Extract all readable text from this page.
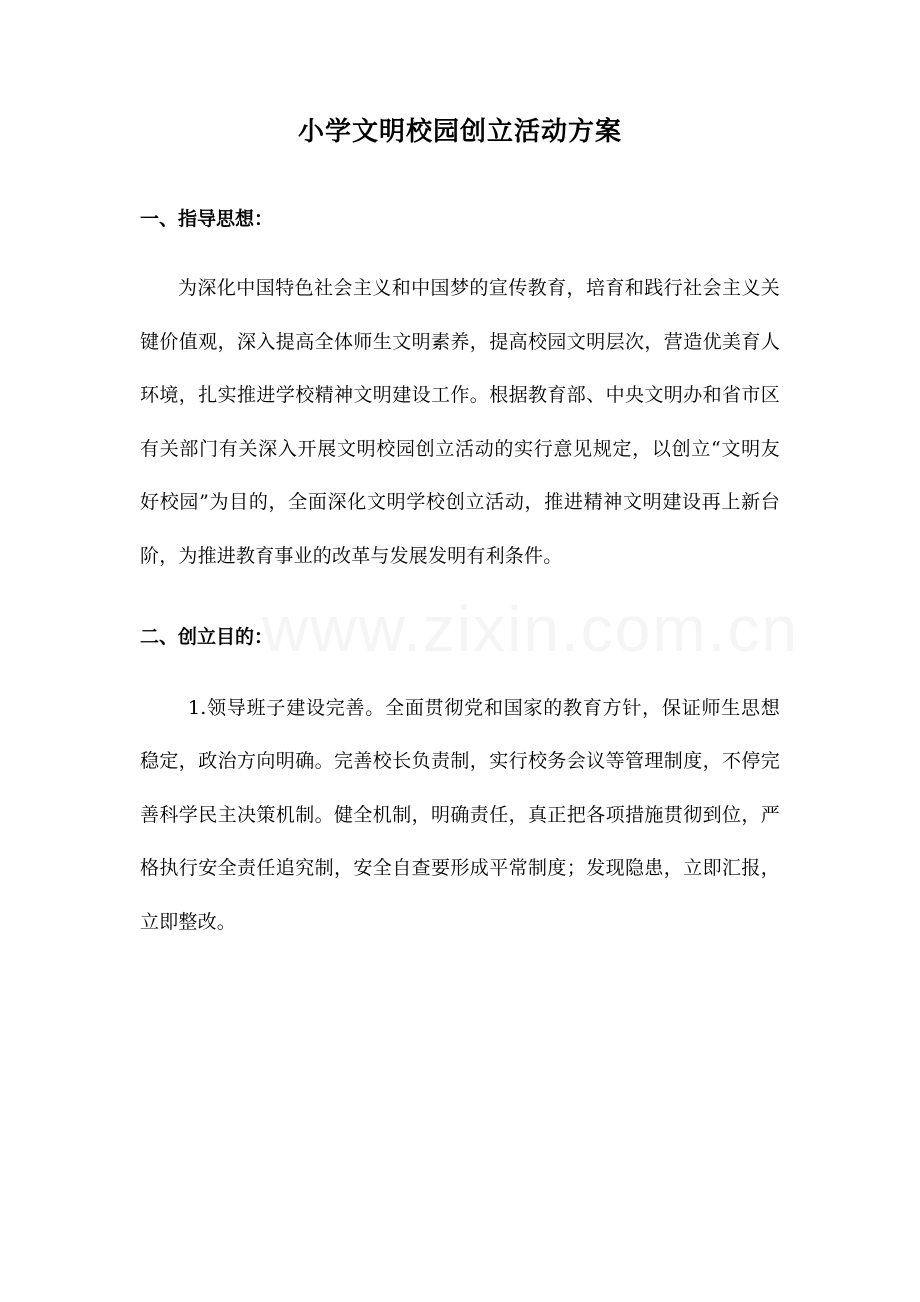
小学文明校园创立活动方案
一、指导思想：

为深化中国特色社会主义和中国梦的宣传教育，培育和践行社会主义关键价值观，深入提高全体师生文明素养，提高校园文明层次，营造优美育人环境，扎实推进学校精神文明建设工作。根据教育部、中央文明办和省市区有关部门有关深入开展文明校园创立活动的实行意见规定，以创立“文明友好校园”为目的，全面深化文明学校创立活动，推进精神文明建设再上新台阶，为推进教育事业的改革与发展发明有利条件。

二、创立目的：

1.领导班子建设完善。全面贯彻党和国家的教育方针，保证师生思想稳定，政治方向明确。完善校长负责制，实行校务会议等管理制度，不停完善科学民主决策机制。健全机制，明确责任，真正把各项措施贯彻到位，严格执行安全责任追究制，安全自查要形成平常制度；发现隐患，立即汇报，立即整改。

www.zixin.com.cn
